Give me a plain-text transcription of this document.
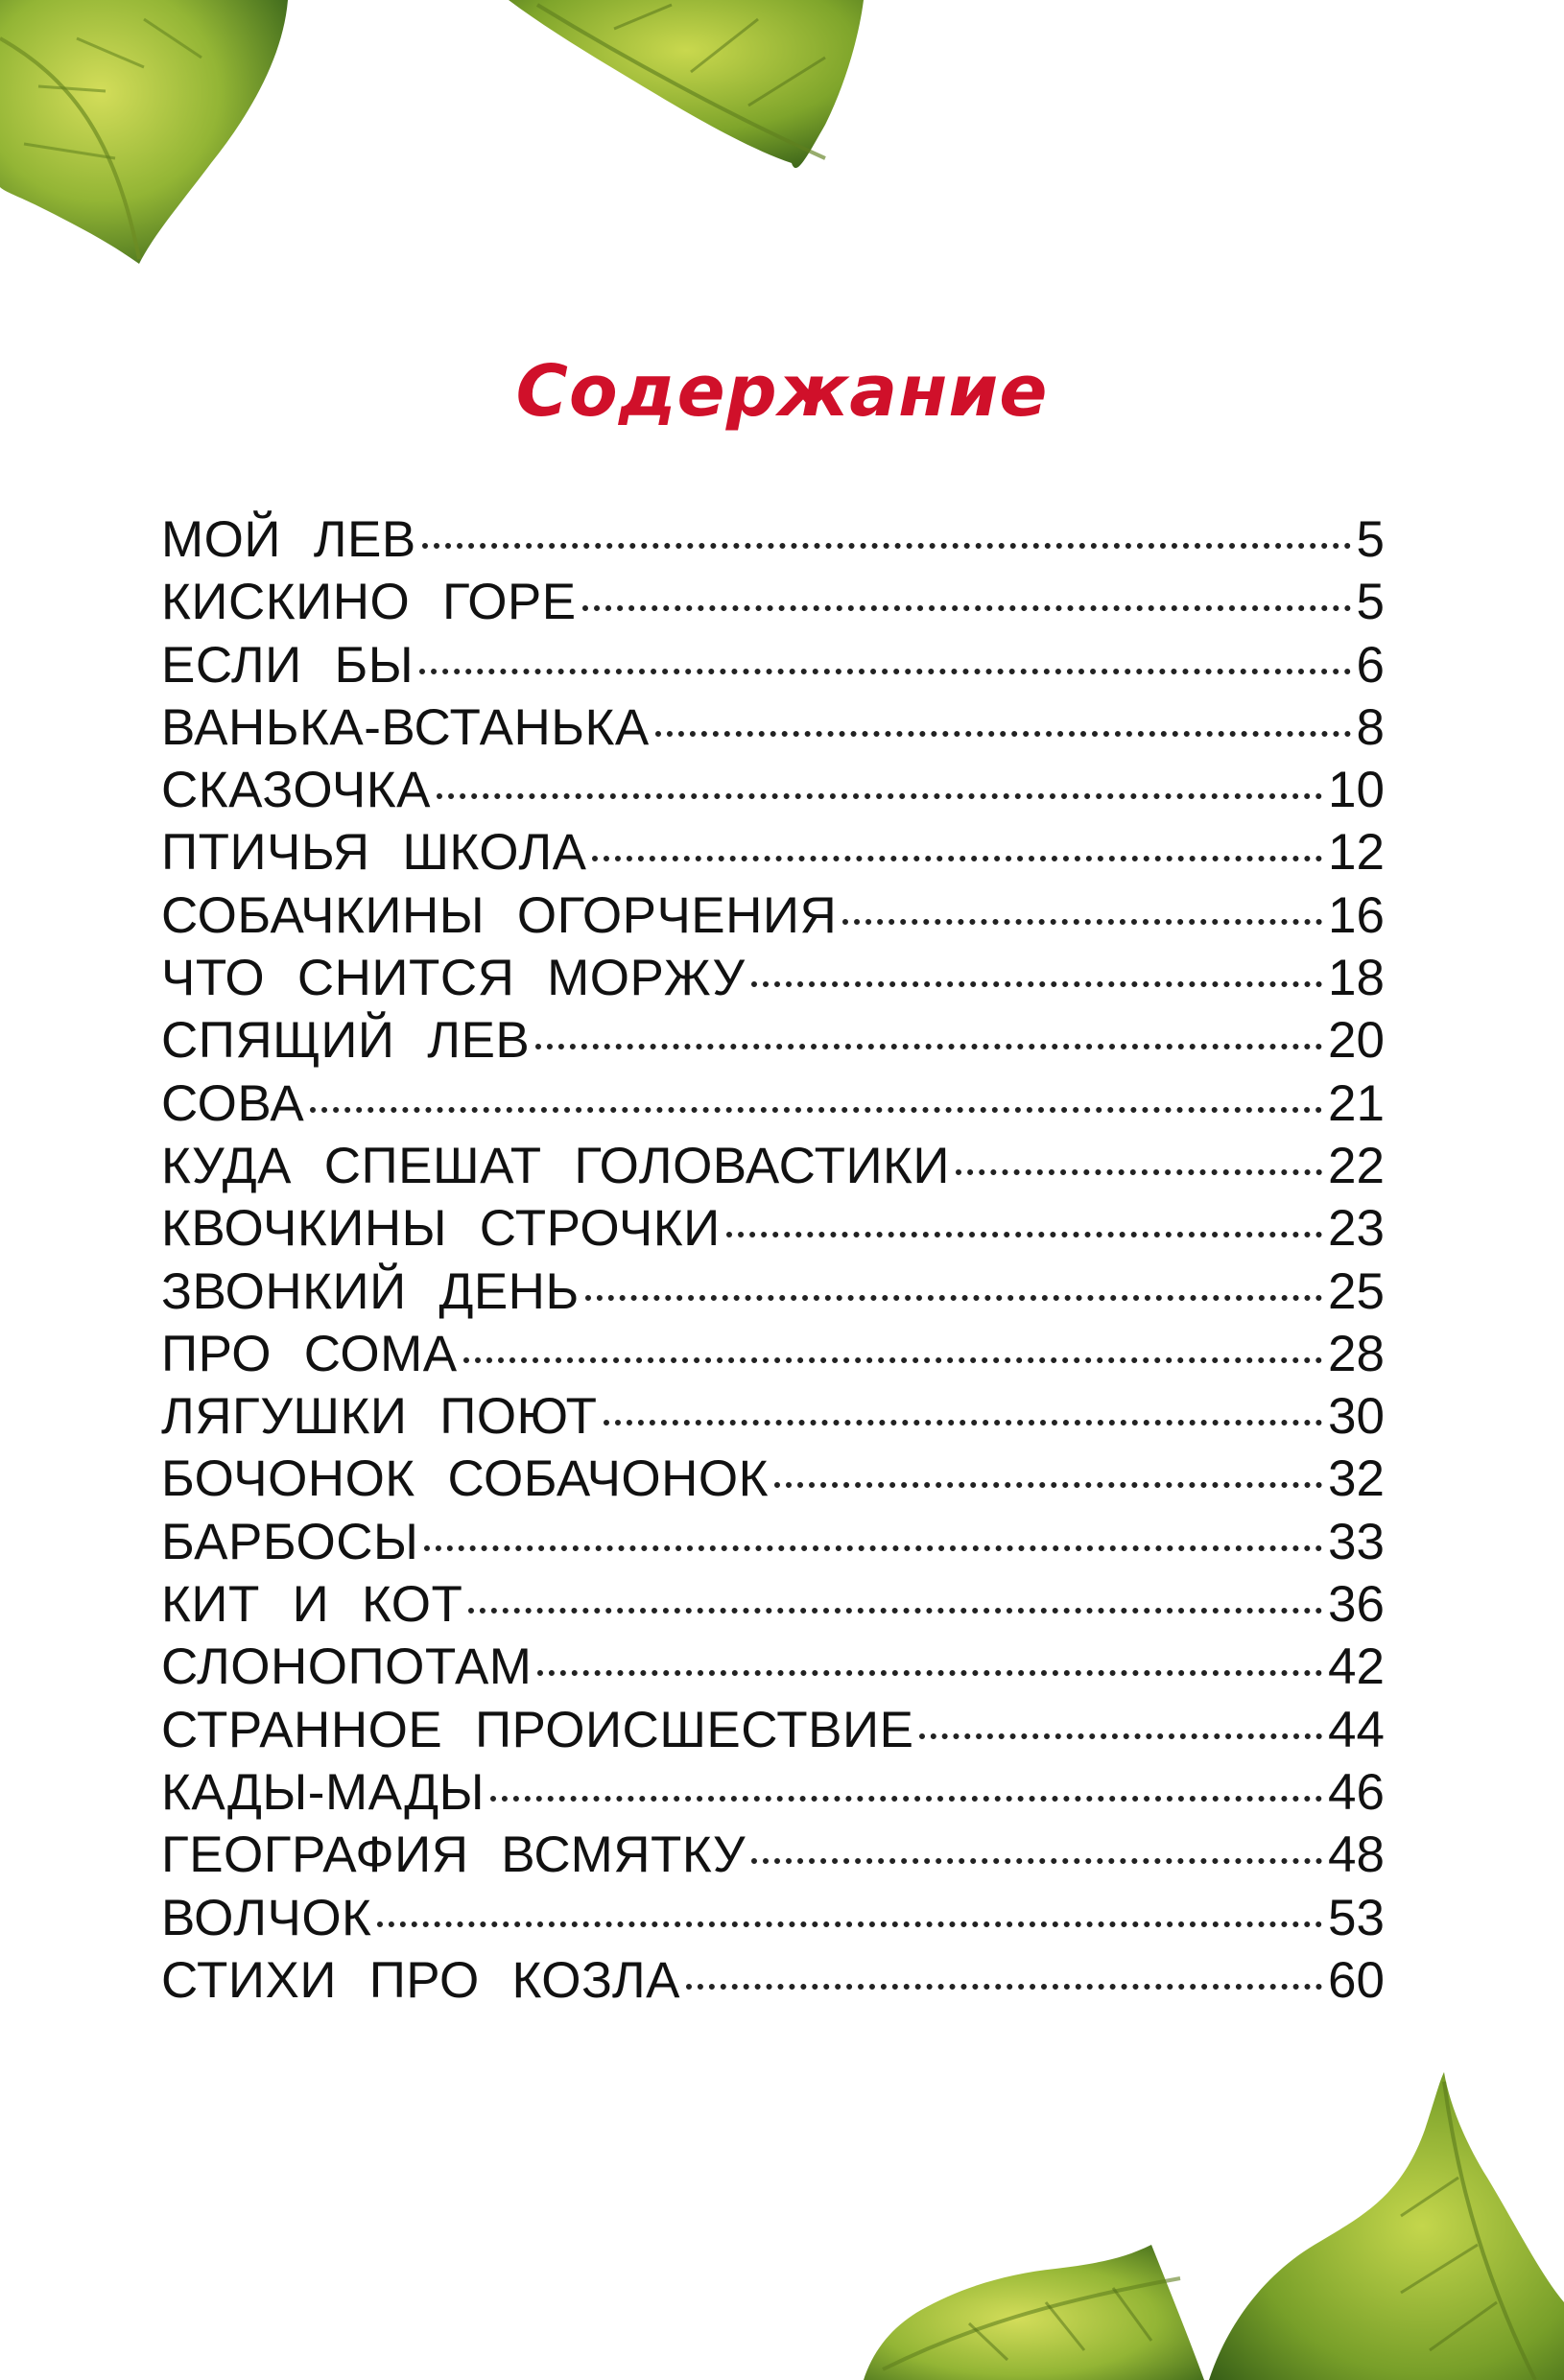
Содержание
МОЙ ЛЕВ	5
КИСКИНО ГОРЕ	5
ЕСЛИ БЫ	6
ВАНЬКА-ВСТАНЬКА	8
СКАЗОЧКА	10
ПТИЧЬЯ ШКОЛА	12
СОБАЧКИНЫ ОГОРЧЕНИЯ	16
ЧТО СНИТСЯ МОРЖУ	18
СПЯЩИЙ ЛЕВ	20
СОВА	21
КУДА СПЕШАТ ГОЛОВАСТИКИ	22
КВОЧКИНЫ СТРОЧКИ	23
ЗВОНКИЙ ДЕНЬ	25
ПРО СОМА	28
ЛЯГУШКИ ПОЮТ	30
БОЧОНОК СОБАЧОНОК	32
БАРБОСЫ	33
КИТ И КОТ	36
СЛОНОПОТАМ	42
СТРАННОЕ ПРОИСШЕСТВИЕ	44
КАДЫ-МАДЫ	46
ГЕОГРАФИЯ ВСМЯТКУ	48
ВОЛЧОК	53
СТИХИ ПРО КОЗЛА	60
